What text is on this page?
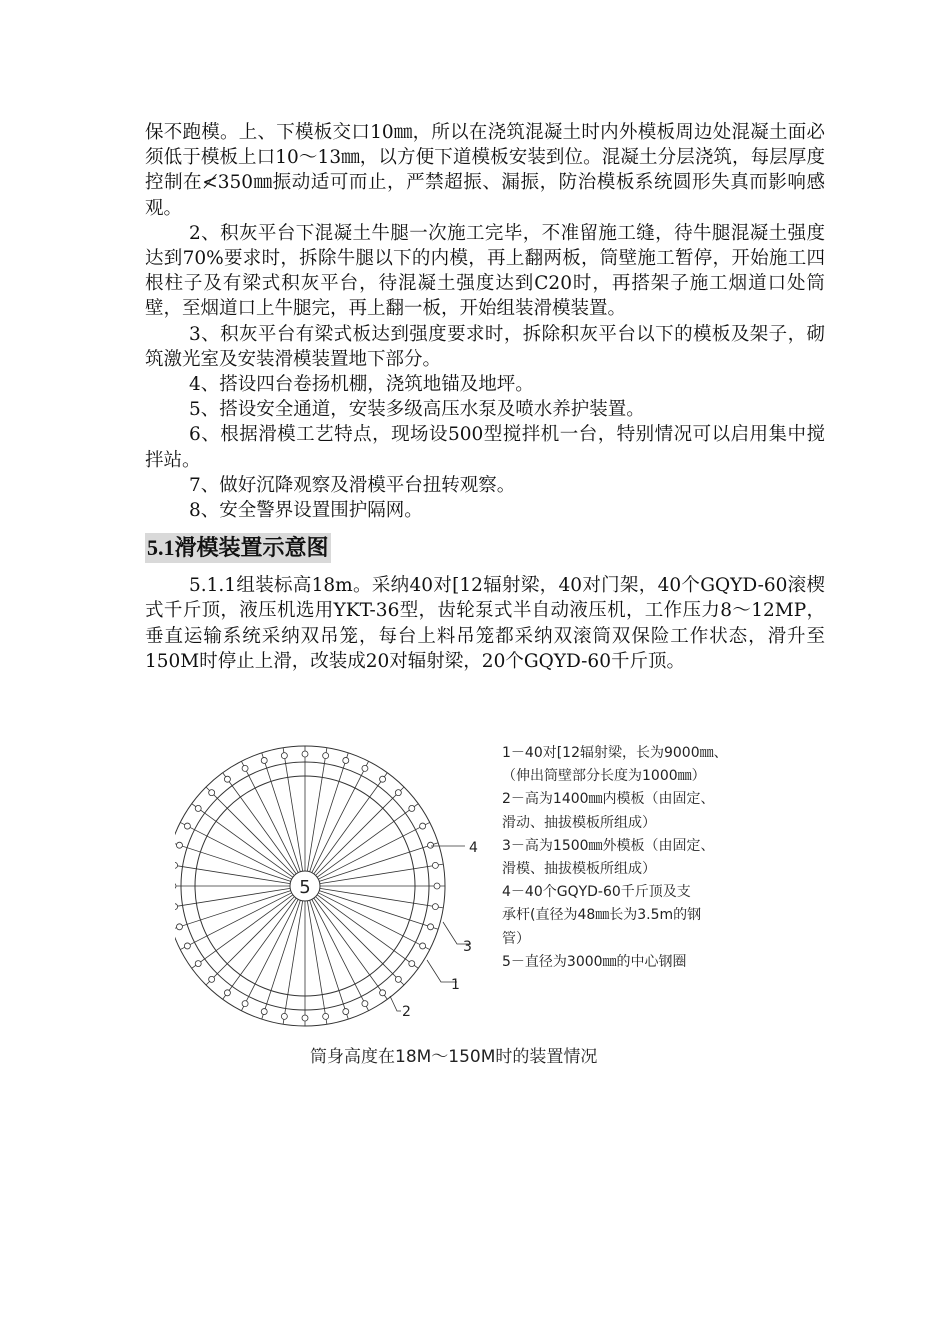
保不跑模。上、下模板交口10㎜，所以在浇筑混凝土时内外模板周边处混凝土面必须低于模板上口10～13㎜，以方便下道模板安装到位。混凝土分层浇筑，每层厚度控制在≮350㎜振动适可而止，严禁超振、漏振，防治模板系统圆形失真而影响感观。

2、积灰平台下混凝土牛腿一次施工完毕，不准留施工缝，待牛腿混凝土强度达到70%要求时，拆除牛腿以下的内模，再上翻两板，筒壁施工暂停，开始施工四根柱子及有梁式积灰平台，待混凝土强度达到C20时，再搭架子施工烟道口处筒壁，至烟道口上牛腿完，再上翻一板，开始组装滑模装置。

3、积灰平台有梁式板达到强度要求时，拆除积灰平台以下的模板及架子，砌筑激光室及安装滑模装置地下部分。

4、搭设四台卷扬机棚，浇筑地锚及地坪。

5、搭设安全通道，安装多级高压水泵及喷水养护装置。

6、根据滑模工艺特点，现场设500型搅拌机一台，特别情况可以启用集中搅拌站。

7、做好沉降观察及滑模平台扭转观察。

8、安全警界设置围护隔网。

5.1滑模装置示意图

5.1.1组装标高18m。采纳40对[12辐射梁，40对门架，40个GQYD-60滚楔式千斤顶，液压机选用YKT-36型，齿轮泵式半自动液压机，工作压力8～12MP，垂直运输系统采纳双吊笼，每台上料吊笼都采纳双滚筒双保险工作状态，滑升至150M时停止上滑，改装成20对辐射梁，20个GQYD-60千斤顶。

5
4
3
1
2
1－40对[12辐射梁，长为9000㎜、
（伸出筒壁部分长度为1000㎜）
2－高为1400㎜内模板（由固定、
滑动、抽拔模板所组成）
3－高为1500㎜外模板（由固定、
滑模、抽拔模板所组成）
4－40个GQYD-60千斤顶及支
承杆(直径为48㎜长为3.5m的钢
管）
5－直径为3000㎜的中心钢圈
筒身高度在18M～150M时的装置情况
